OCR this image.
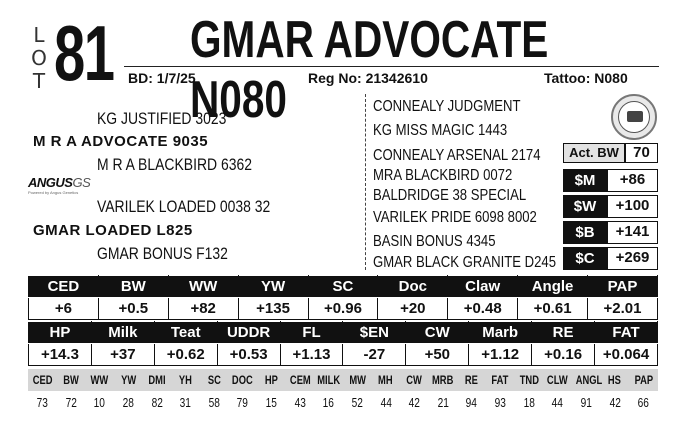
L
O
T 81 GMAR ADVOCATE N080
BD: 1/7/25	Reg No: 21342610	Tattoo: N080
KG JUSTIFIED 3023
M R A ADVOCATE 9035
M R A BLACKBIRD 6362
ANGUSGS
Powered by Angus Genetics
VARILEK LOADED 0038 32
GMAR LOADED L825
GMAR BONUS F132
CONNEALY JUDGMENT
KG MISS MAGIC 1443
CONNEALY ARSENAL 2174
MRA BLACKBIRD 0072
BALDRIDGE 38 SPECIAL
VARILEK PRIDE 6098 8002
BASIN BONUS 4345
GMAR BLACK GRANITE D245
Act. BW 70
$M	+86
$W	+100
$B	+141
$C	+269
CED	BW	WW	YW	SC	Doc	Claw	Angle	PAP
+6	+0.5	+82	+135	+0.96	+20	+0.48	+0.61	+2.01
HP	Milk	Teat	UDDR	FL	$EN	CW	Marb	RE	FAT
+14.3	+37	+0.62	+0.53	+1.13	-27	+50	+1.12	+0.16	+0.064
CED	BW	WW	YW	DMI	YH	SC	DOC	HP	CEM	MILK	MW	MH	CW	MRB	RE	FAT	TND	CLW	ANGL	HS	PAP
73	72	10	28	82	31	58	79	15	43	16	52	44	42	21	94	93	18	44	91	42	66
